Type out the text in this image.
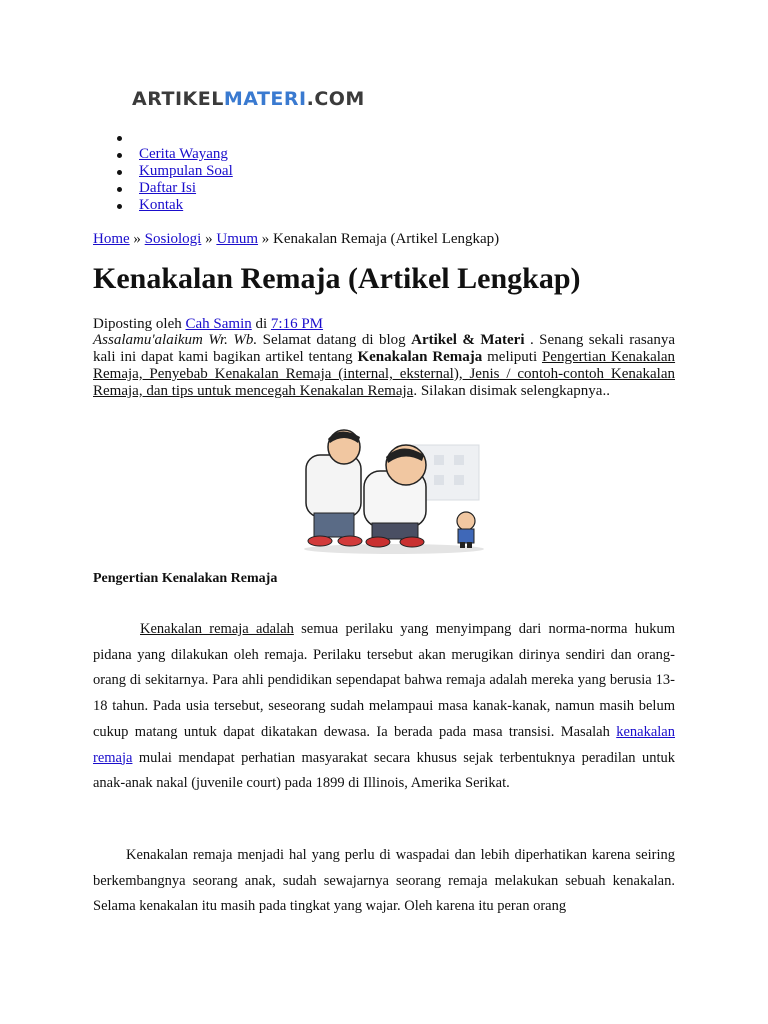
ARTIKELMATERI.COM
Cerita Wayang
Kumpulan Soal
Daftar Isi
Kontak
Home » Sosiologi » Umum » Kenakalan Remaja (Artikel Lengkap)
Kenakalan Remaja (Artikel Lengkap)
Diposting oleh Cah Samin di 7:16 PM

Assalamu'alaikum Wr. Wb. Selamat datang di blog Artikel & Materi . Senang sekali rasanya kali ini dapat kami bagikan artikel tentang Kenakalan Remaja meliputi Pengertian Kenakalan Remaja, Penyebab Kenakalan Remaja (internal, eksternal), Jenis / contoh-contoh Kenakalan Remaja, dan tips untuk mencegah Kenakalan Remaja. Silakan disimak selengkapnya..

Pengertian Kenalakan Remaja

Kenakalan remaja adalah semua perilaku yang menyimpang dari norma-norma hukum pidana yang dilakukan oleh remaja. Perilaku tersebut akan merugikan dirinya sendiri dan orang-orang di sekitarnya. Para ahli pendidikan sependapat bahwa remaja adalah mereka yang berusia 13-18 tahun. Pada usia tersebut, seseorang sudah melampaui masa kanak-kanak, namun masih belum cukup matang untuk dapat dikatakan dewasa. Ia berada pada masa transisi. Masalah kenakalan remaja mulai mendapat perhatian masyarakat secara khusus sejak terbentuknya peradilan untuk anak-anak nakal (juvenile court) pada 1899 di Illinois, Amerika Serikat.

Kenakalan remaja menjadi hal yang perlu di waspadai dan lebih diperhatikan karena seiring berkembangnya seorang anak, sudah sewajarnya seorang remaja melakukan sebuah kenakalan. Selama kenakalan itu masih pada tingkat yang wajar. Oleh karena itu peran orang
